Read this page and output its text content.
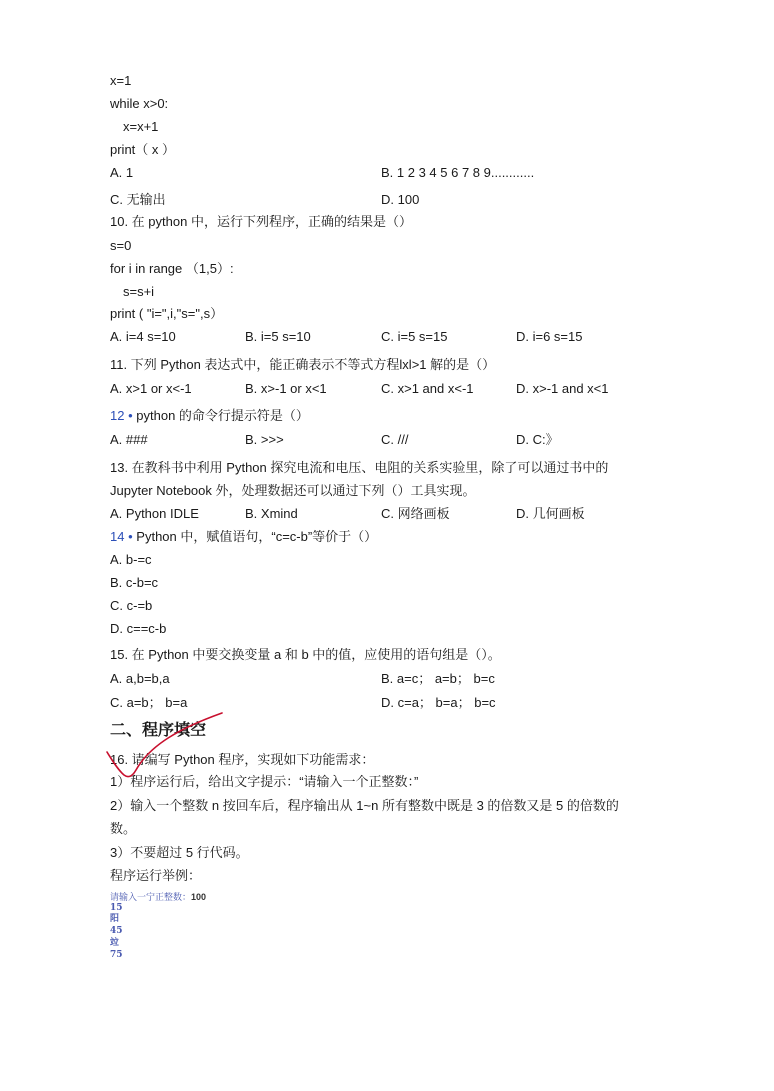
x=1
while x>0:
x=x+1
print（ x ）
A. 1	B. 1 2 3 4 5 6 7 8 9............
C. 无输出	D. 100
10. 在 python 中，运行下列程序，正确的结果是（）
s=0
for i in range （1,5）:
s=s+i
print ( "i=",i,"s=",s）
A. i=4 s=10	B. i=5 s=10	C. i=5 s=15	D. i=6 s=15
11. 下列 Python 表达式中，能正确表示不等式方程lxl>1 解的是（）
A. x>1 or x<-1	B. x>-1 or x<1	C. x>1 and x<-1	D. x>-1 and x<1
12 • python 的命令行提示符是（）
A. ###	B. >>>	C. ///	D. C:》
13. 在教科书中利用 Python 探究电流和电压、电阻的关系实验里，除了可以通过书中的
Jupyter Notebook 外，处理数据还可以通过下列（）工具实现。
A. Python IDLE	B. Xmind	C. 网络画板	D. 几何画板
14 • Python 中，赋值语句，“c=c-b”等价于（）
A. b-=c
B. c-b=c
C. c-=b
D. c==c-b
15. 在 Python 中要交换变量 a 和 b 中的值，应使用的语句组是（）。
A. a,b=b,a	B. a=c； a=b； b=c
C. a=b； b=a	D. c=a； b=a； b=c
二、程序填空
16. 请编写 Python 程序，实现如下功能需求：
1）程序运行后，给出文字提示：“请输入一个正整数：”
2）输入一个整数 n 按回车后，程序输出从 1~n 所有整数中既是 3 的倍数又是 5 的倍数的
数。
3）不要超过 5 行代码。
程序运行举例：
请输入一宁正整数：100
15
阳
45
竝
75
